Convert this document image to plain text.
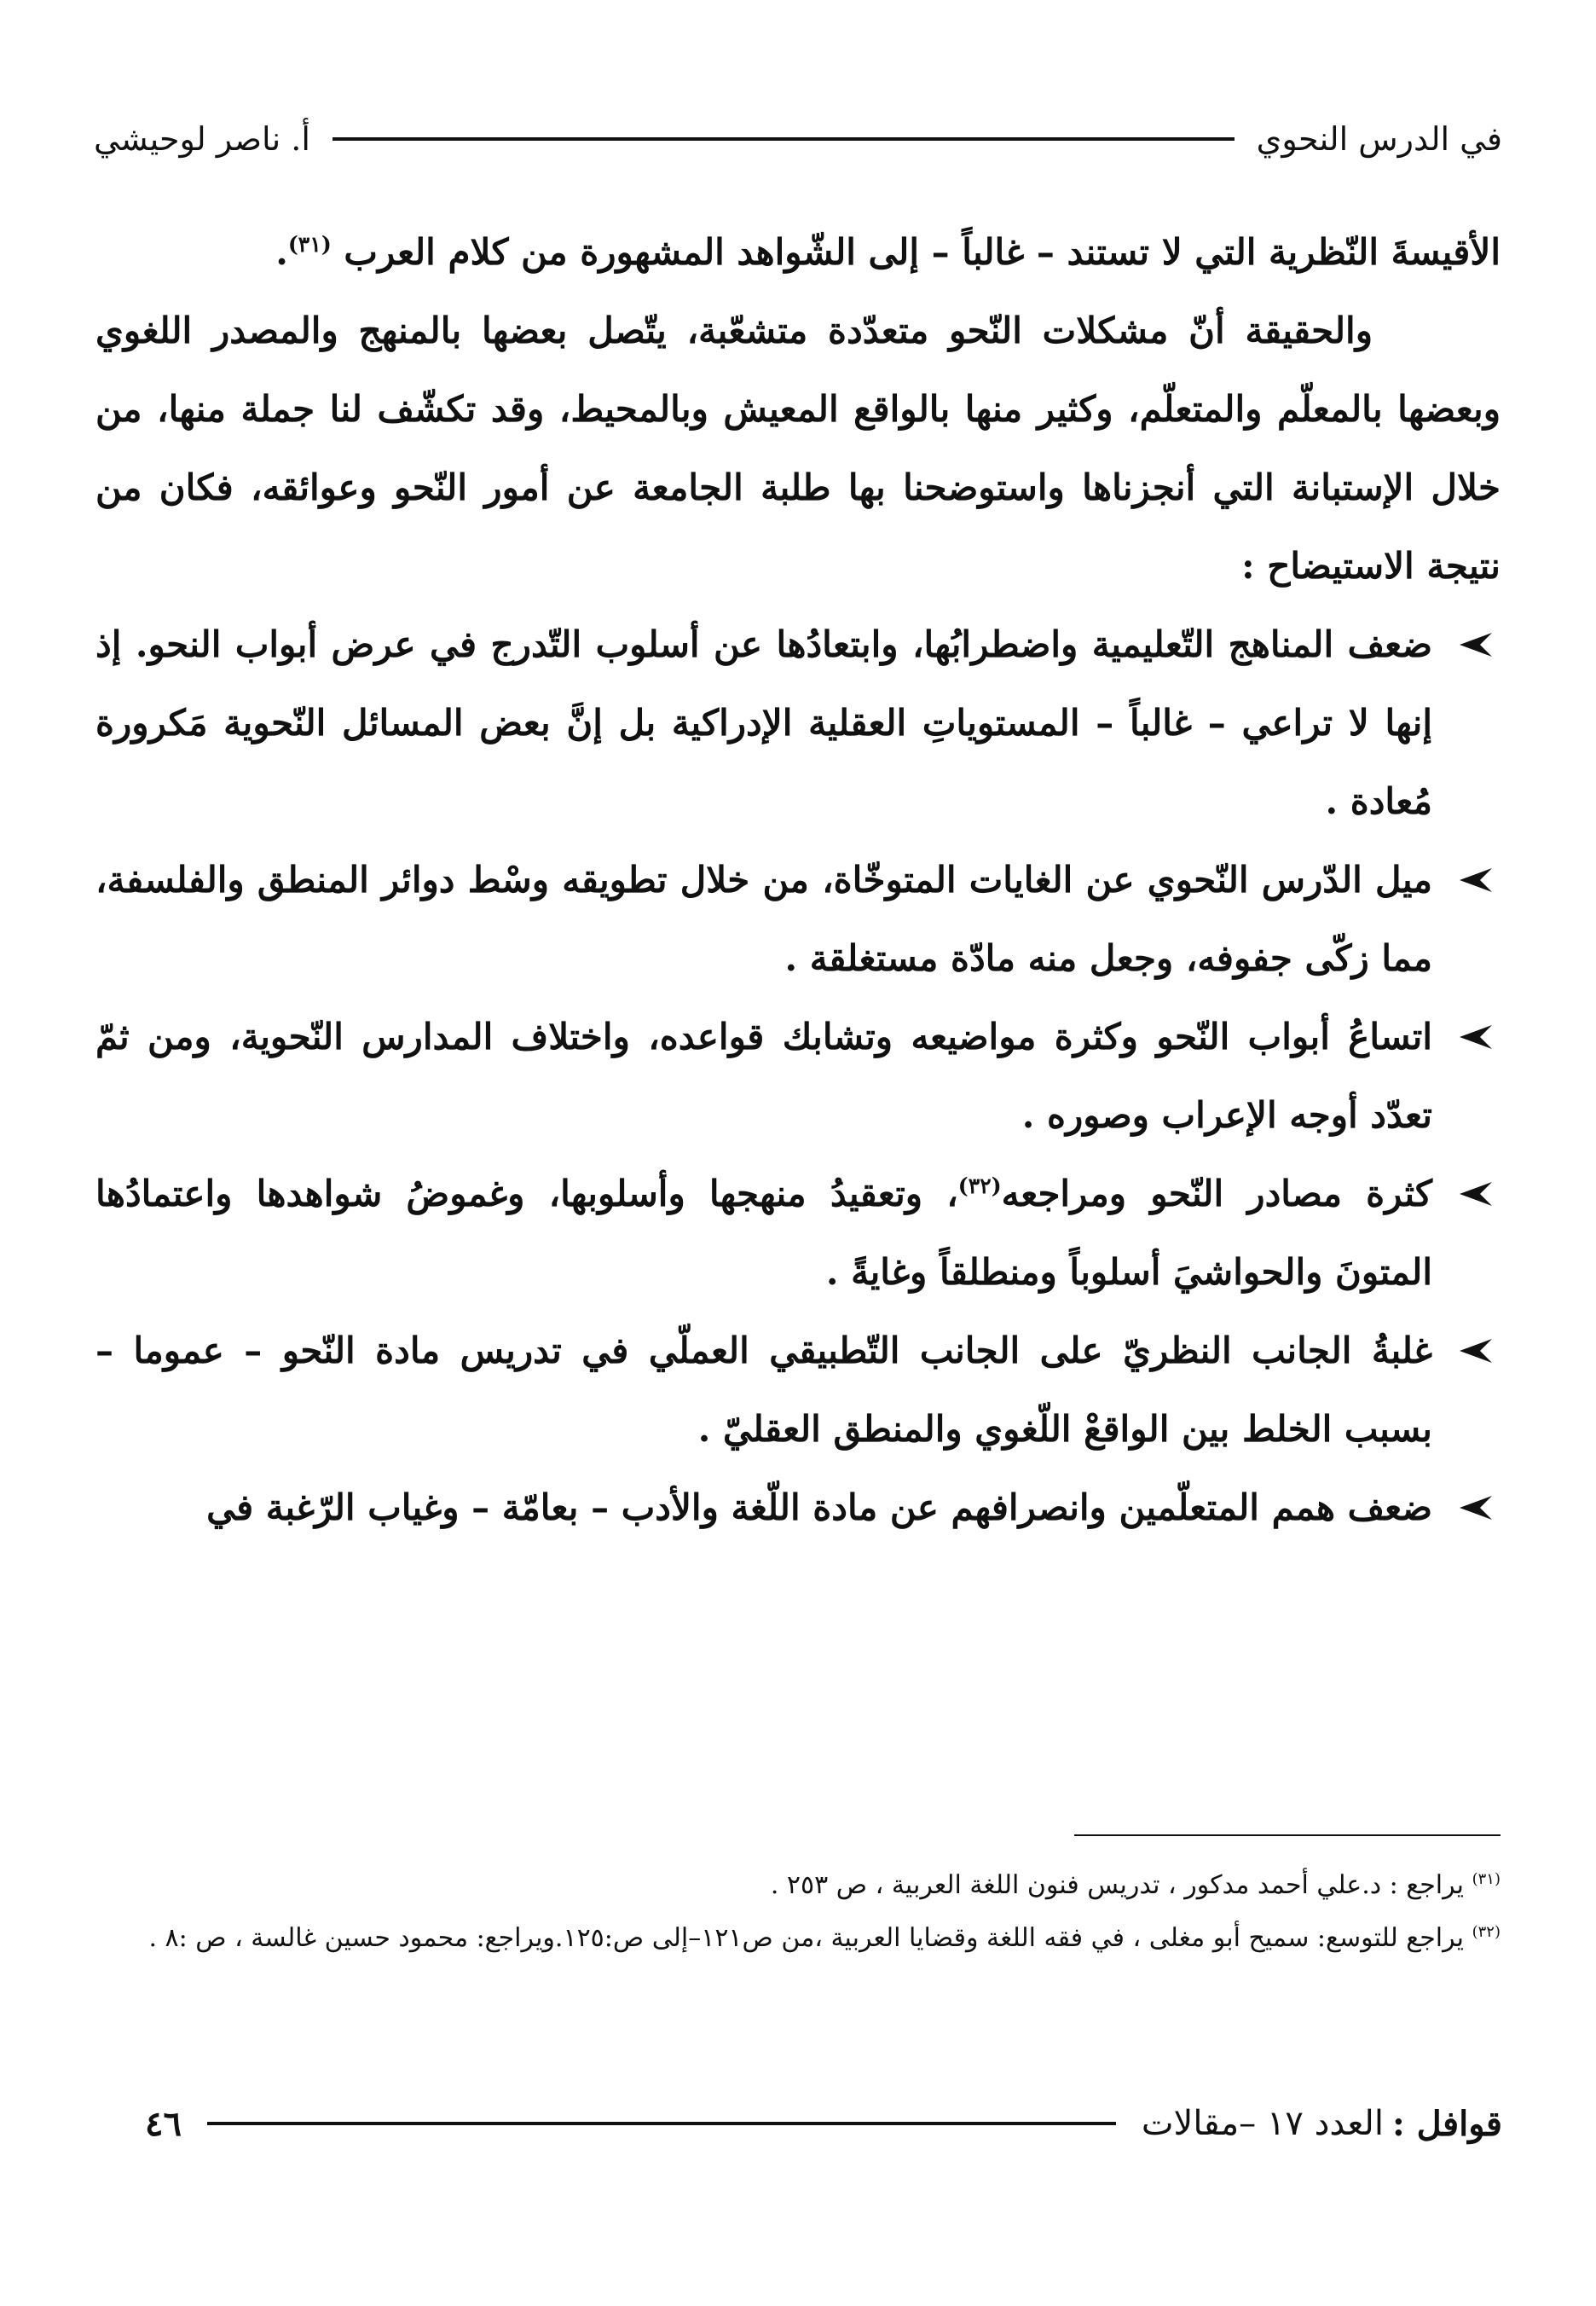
في الدرس النحوي
أ. ناصر لوحيشي

الأقيسةَ النّظرية التي لا تستند – غالباً – إلى الشّواهد المشهورة من كلام العرب $^{(٣١)}$.

والحقيقة أنّ مشكلات النّحو متعدّدة متشعّبة، يتّصل بعضها بالمنهج والمصدر اللغوي وبعضها بالمعلّم والمتعلّم، وكثير منها بالواقع المعيش وبالمحيط، وقد تكشّف لنا جملة منها، من خلال الإستبانة التي أنجزناها واستوضحنا بها طلبة الجامعة عن أمور النّحو وعوائقه، فكان من نتيجة الاستيضاح :

ضعف المناهج التّعليمية واضطرابُها، وابتعادُها عن أسلوب التّدرج في عرض أبواب النحو. إذ إنها لا تراعي – غالباً – المستوياتِ العقلية الإدراكية بل إنَّ بعض المسائل النّحوية مَكرورة مُعادة .
ميل الدّرس النّحوي عن الغايات المتوخّاة، من خلال تطويقه وسْط دوائر المنطق والفلسفة، مما زكّى جفوفه، وجعل منه مادّة مستغلقة .
اتساعُ أبواب النّحو وكثرة مواضيعه وتشابك قواعده، واختلاف المدارس النّحوية، ومن ثمّ تعدّد أوجه الإعراب وصوره .
كثرة مصادر النّحو ومراجعه$^{(٣٢)}$، وتعقيدُ منهجها وأسلوبها، وغموضُ شواهدها واعتمادُها المتونَ والحواشيَ أسلوباً ومنطلقاً وغايةً .
غلبةُ الجانب النظريّ على الجانب التّطبيقي العملّي في تدريس مادة النّحو – عموما – بسبب الخلط بين الواقعْ اللّغوي والمنطق العقليّ .
ضعف همم المتعلّمين وانصرافهم عن مادة اللّغة والأدب – بعامّة – وغياب الرّغبة في

$^{(٣١)}$ يراجع : د.علي أحمد مدكور ، تدريس فنون اللغة العربية ، ص ٢٥٣ .

$^{(٣٢)}$ يراجع للتوسع: سميح أبو مغلى ، في فقه اللغة وقضايا العربية ،من ص١٢١–إلى ص:١٢٥.ويراجع: محمود حسين غالسة ، ص :٨ .

قوافل :
العدد ١٧ –مقالات
٤٦
